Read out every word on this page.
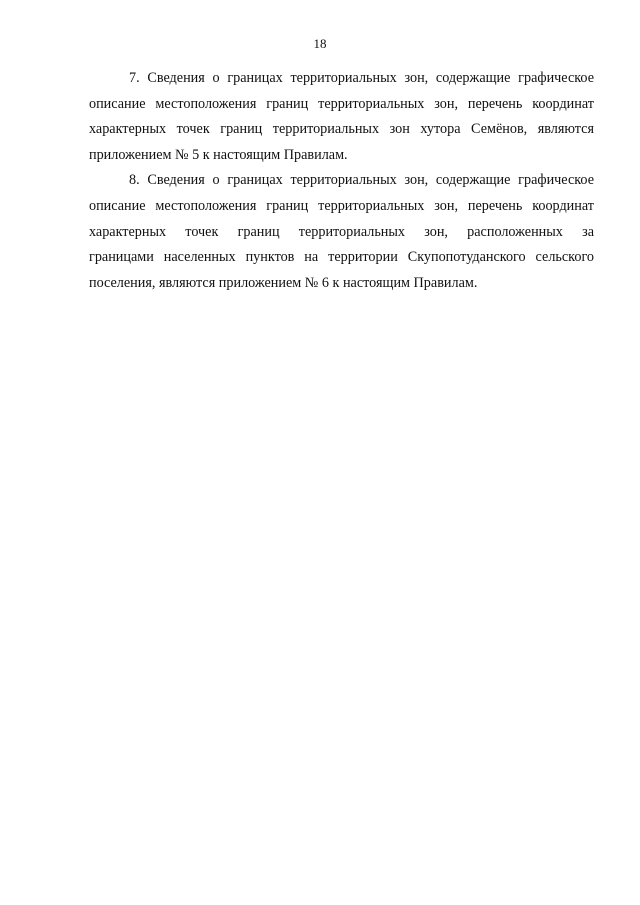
18

7. Сведения о границах территориальных зон, содержащие графическое
описание местоположения границ территориальных зон, перечень координат
характерных точек границ территориальных зон хутора Семёнов, являются
приложением № 5 к настоящим Правилам.

8. Сведения о границах территориальных зон, содержащие графическое
описание местоположения границ территориальных зон, перечень координат
характерных точек границ территориальных зон, расположенных за
границами населенных пунктов на территории Скупопотуданского сельского
поселения, являются приложением № 6 к настоящим Правилам.
